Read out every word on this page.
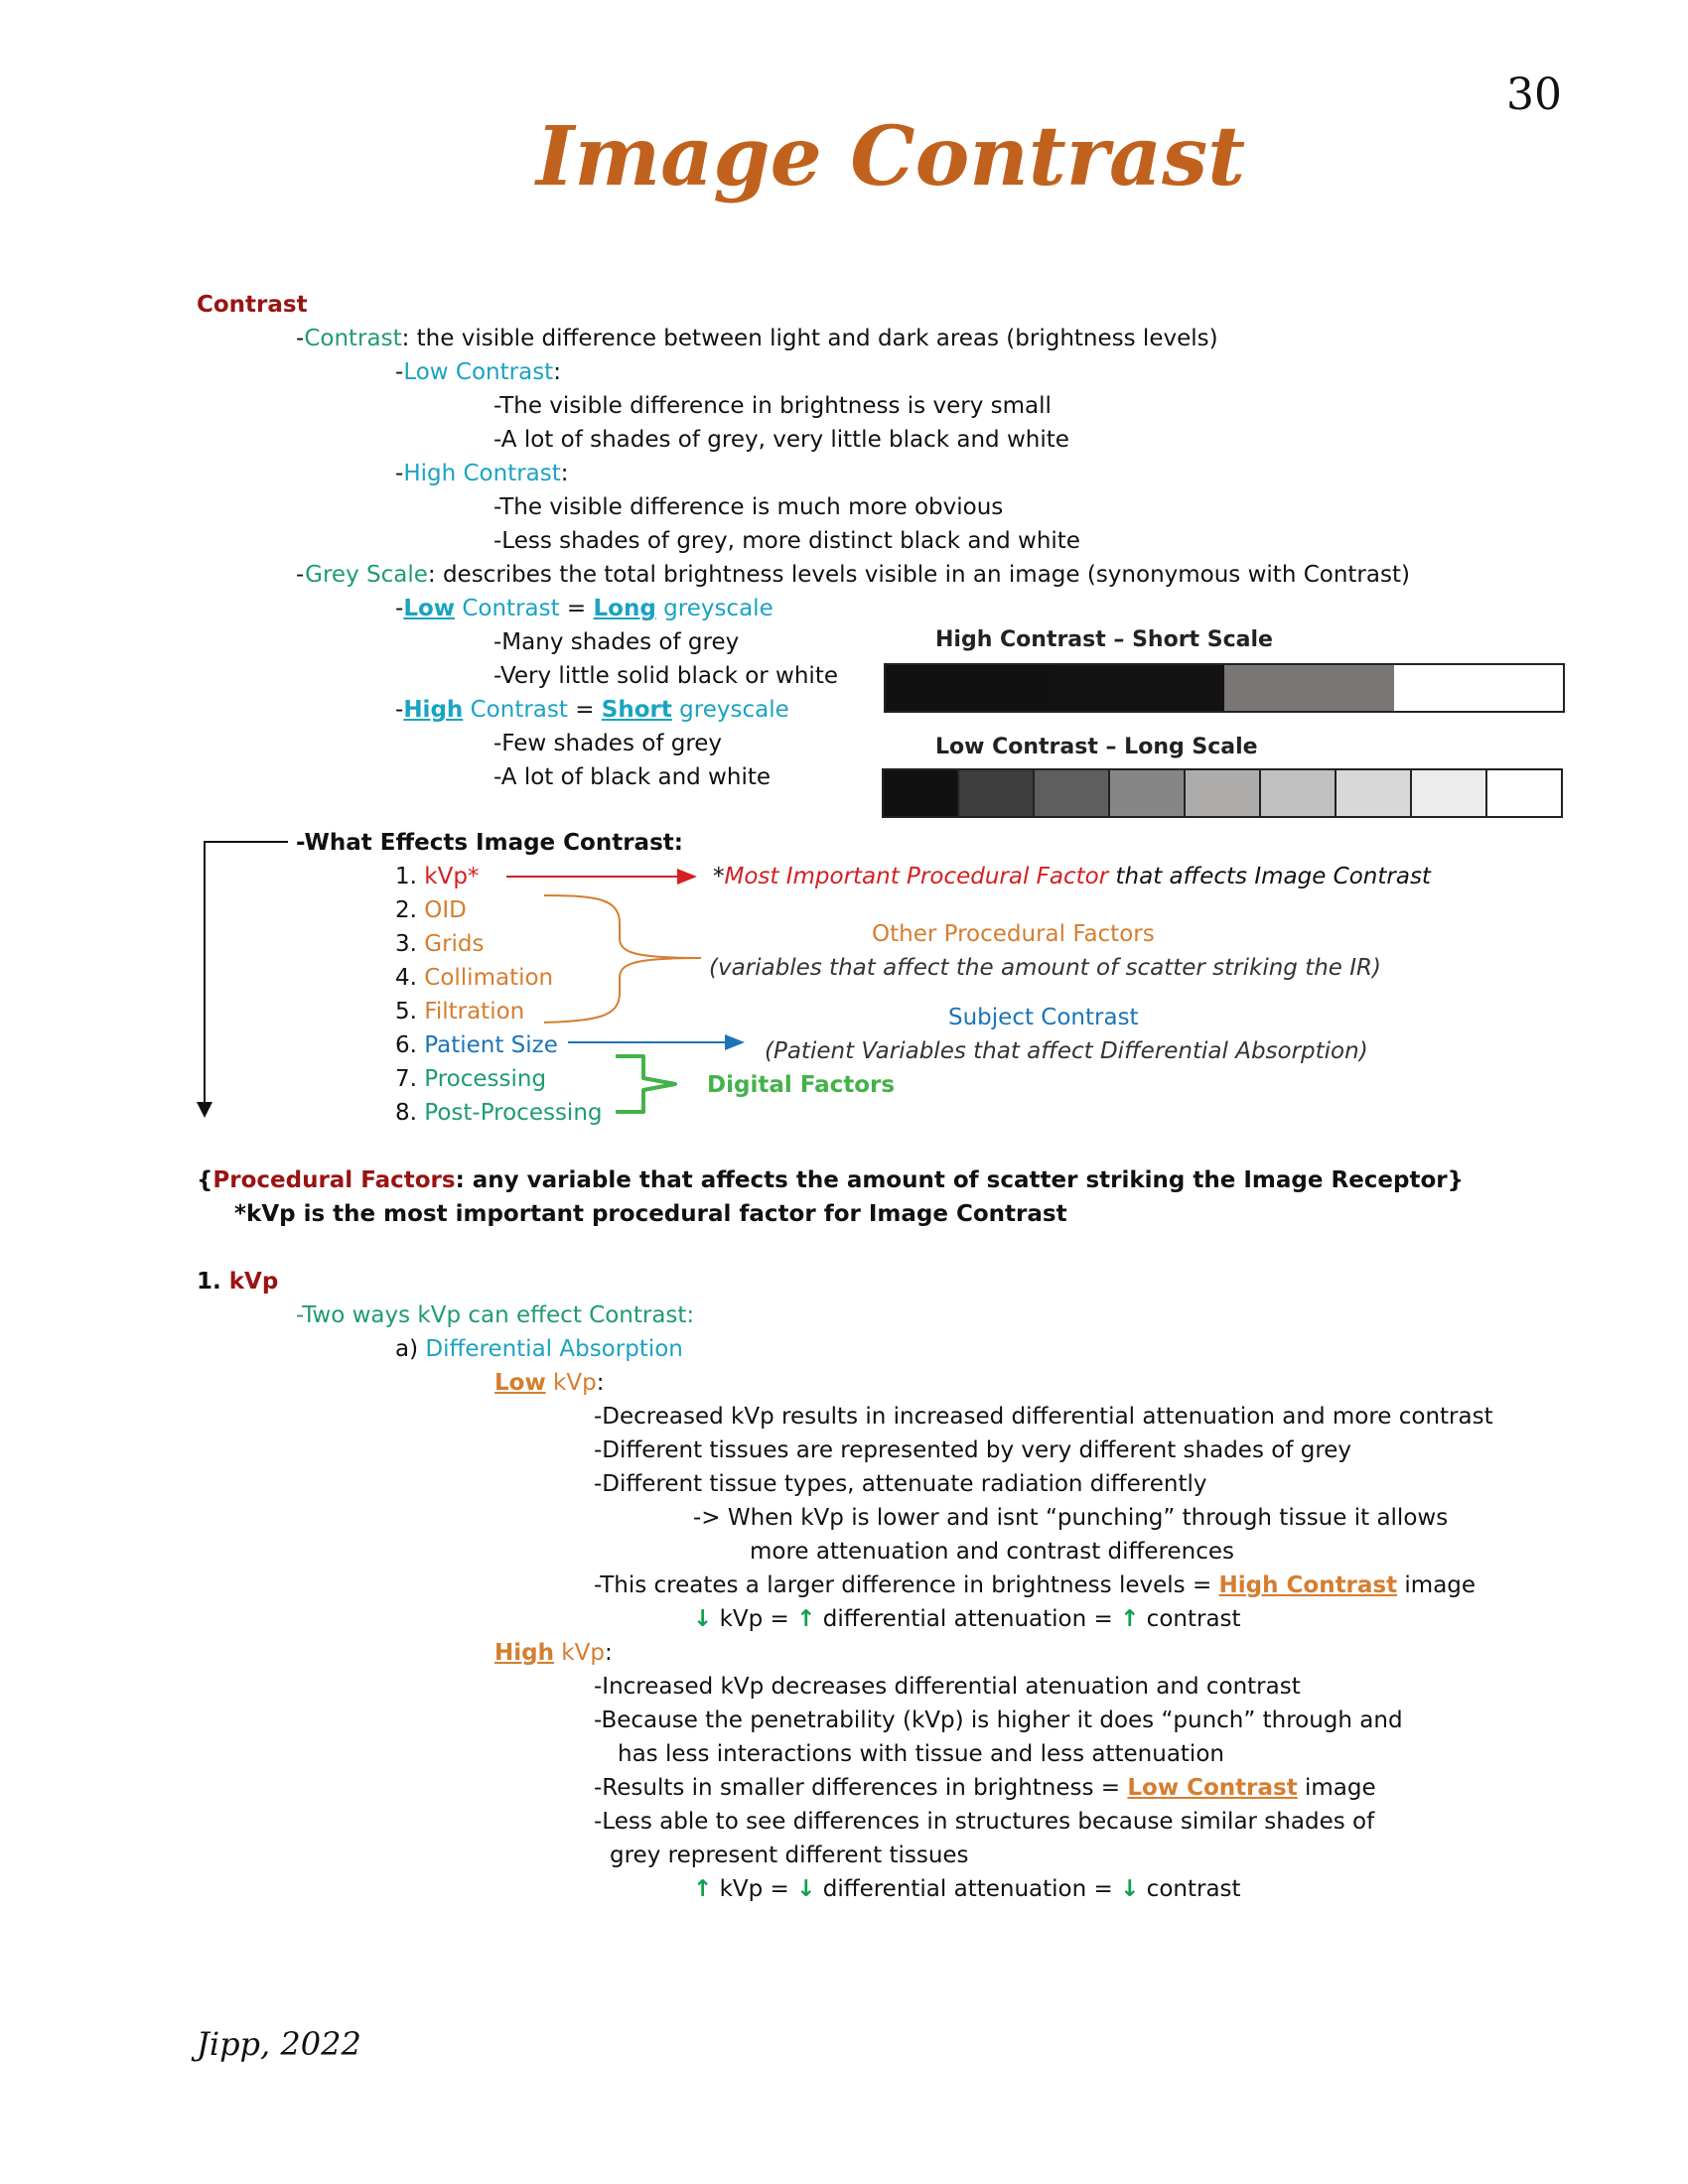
Image Contrast
30
Contrast
-Contrast: the visible difference between light and dark areas (brightness levels)
-Low Contrast:
-The visible difference in brightness is very small
-A lot of shades of grey, very little black and white
-High Contrast:
-The visible difference is much more obvious
-Less shades of grey, more distinct black and white
-Grey Scale: describes the total brightness levels visible in an image (synonymous with Contrast)
-Low Contrast = Long greyscale
-Many shades of grey
-Very little solid black or white
-High Contrast = Short greyscale
-Few shades of grey
-A lot of black and white
High Contrast – Short Scale
Low Contrast – Long Scale
-What Effects Image Contrast:
1. kVp*
2. OID
3. Grids
4. Collimation
5. Filtration
6. Patient Size
7. Processing
8. Post-Processing
*Most Important Procedural Factor that affects Image Contrast
Other Procedural Factors
(variables that affect the amount of scatter striking the IR)
Subject Contrast
(Patient Variables that affect Differential Absorption)
Digital Factors
{Procedural Factors: any variable that affects the amount of scatter striking the Image Receptor}
*kVp is the most important procedural factor for Image Contrast
1. kVp
-Two ways kVp can effect Contrast:
a) Differential Absorption
Low kVp:
-Decreased kVp results in increased differential attenuation and more contrast
-Different tissues are represented by very different shades of grey
-Different tissue types, attenuate radiation differently
-> When kVp is lower and isnt “punching” through tissue it allows
more attenuation and contrast differences
-This creates a larger difference in brightness levels = High Contrast image
↓ kVp = ↑ differential attenuation = ↑ contrast
High kVp:
-Increased kVp decreases differential atenuation and contrast
-Because the penetrability (kVp) is higher it does “punch” through and
has less interactions with tissue and less attenuation
-Results in smaller differences in brightness = Low Contrast image
-Less able to see differences in structures because similar shades of
grey represent different tissues
↑ kVp = ↓ differential attenuation = ↓ contrast
Jipp, 2022
